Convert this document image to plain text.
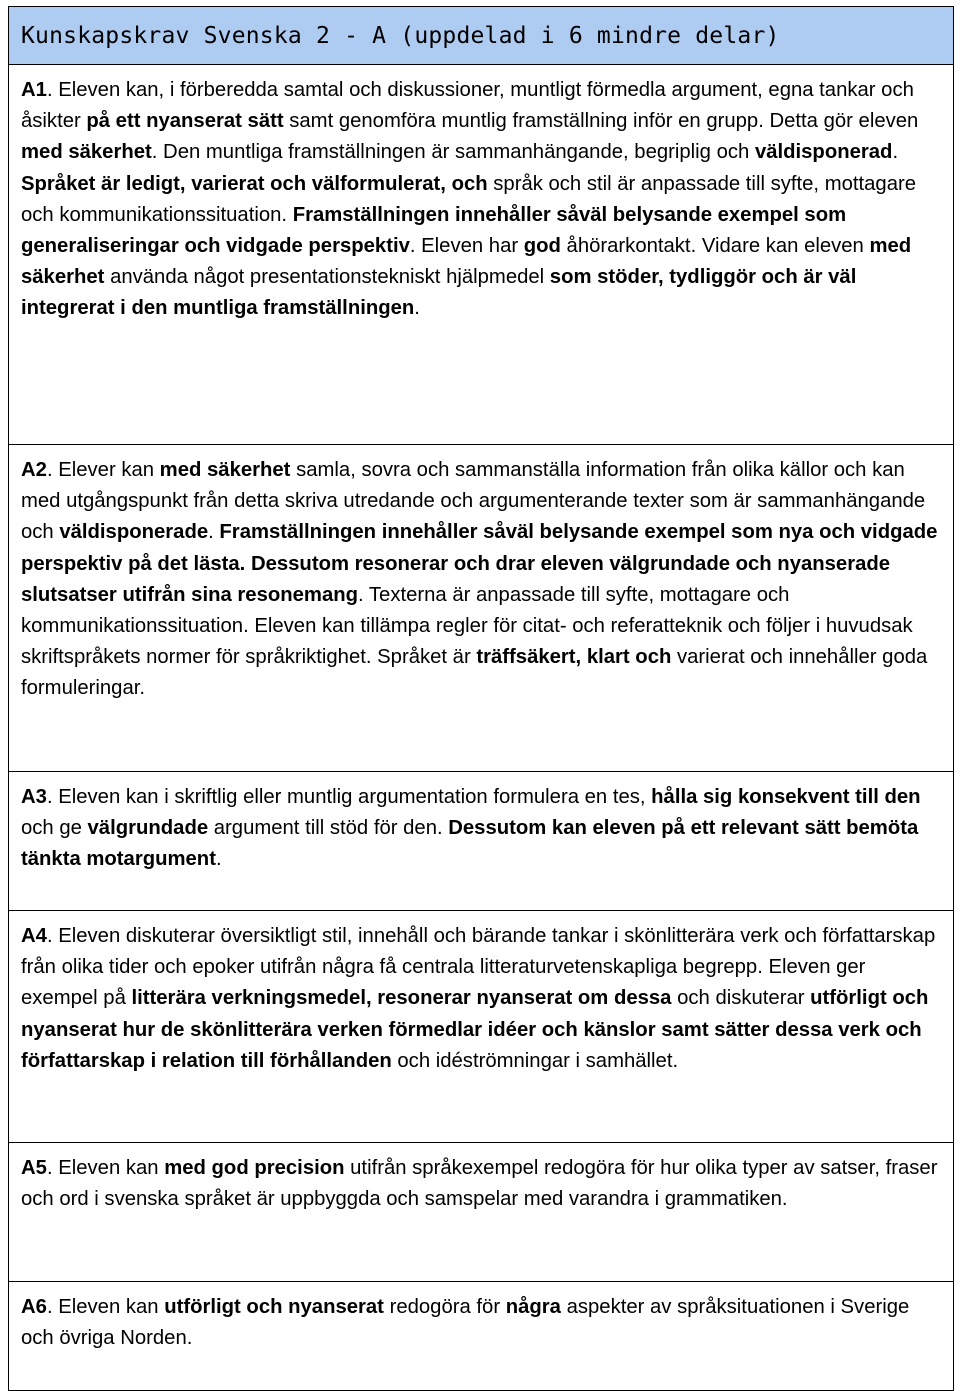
Kunskapskrav Svenska 2 - A (uppdelad i 6 mindre delar)
A1. Eleven kan, i förberedda samtal och diskussioner, muntligt förmedla argument, egna tankar och åsikter på ett nyanserat sätt samt genomföra muntlig framställning inför en grupp. Detta gör eleven med säkerhet. Den muntliga framställningen är sammanhängande, begriplig och väldisponerad. Språket är ledigt, varierat och välformulerat, och språk och stil är anpassade till syfte, mottagare och kommunikationssituation. Framställningen innehåller såväl belysande exempel som generaliseringar och vidgade perspektiv. Eleven har god åhörarkontakt. Vidare kan eleven med säkerhet använda något presentationstekniskt hjälpmedel som stöder, tydliggör och är väl integrerat i den muntliga framställningen.
A2. Elever kan med säkerhet samla, sovra och sammanställa information från olika källor och kan med utgångspunkt från detta skriva utredande och argumenterande texter som är sammanhängande och väldisponerade. Framställningen innehåller såväl belysande exempel som nya och vidgade perspektiv på det lästa. Dessutom resonerar och drar eleven välgrundade och nyanserade slutsatser utifrån sina resonemang. Texterna är anpassade till syfte, mottagare och kommunikationssituation. Eleven kan tillämpa regler för citat- och referatteknik och följer i huvudsak skriftspråkets normer för språkriktighet. Språket är träffsäkert, klart och varierat och innehåller goda formuleringar.
A3. Eleven kan i skriftlig eller muntlig argumentation formulera en tes, hålla sig konsekvent till den och ge välgrundade argument till stöd för den. Dessutom kan eleven på ett relevant sätt bemöta tänkta motargument.
A4. Eleven diskuterar översiktligt stil, innehåll och bärande tankar i skönlitterära verk och författarskap från olika tider och epoker utifrån några få centrala litteraturvetenskapliga begrepp. Eleven ger exempel på litterära verkningsmedel, resonerar nyanserat om dessa och diskuterar utförligt och nyanserat hur de skönlitterära verken förmedlar idéer och känslor samt sätter dessa verk och författarskap i relation till förhållanden och idéströmningar i samhället.
A5. Eleven kan med god precision utifrån språkexempel redogöra för hur olika typer av satser, fraser och ord i svenska språket är uppbyggda och samspelar med varandra i grammatiken.
A6. Eleven kan utförligt och nyanserat redogöra för några aspekter av språksituationen i Sverige och övriga Norden.
